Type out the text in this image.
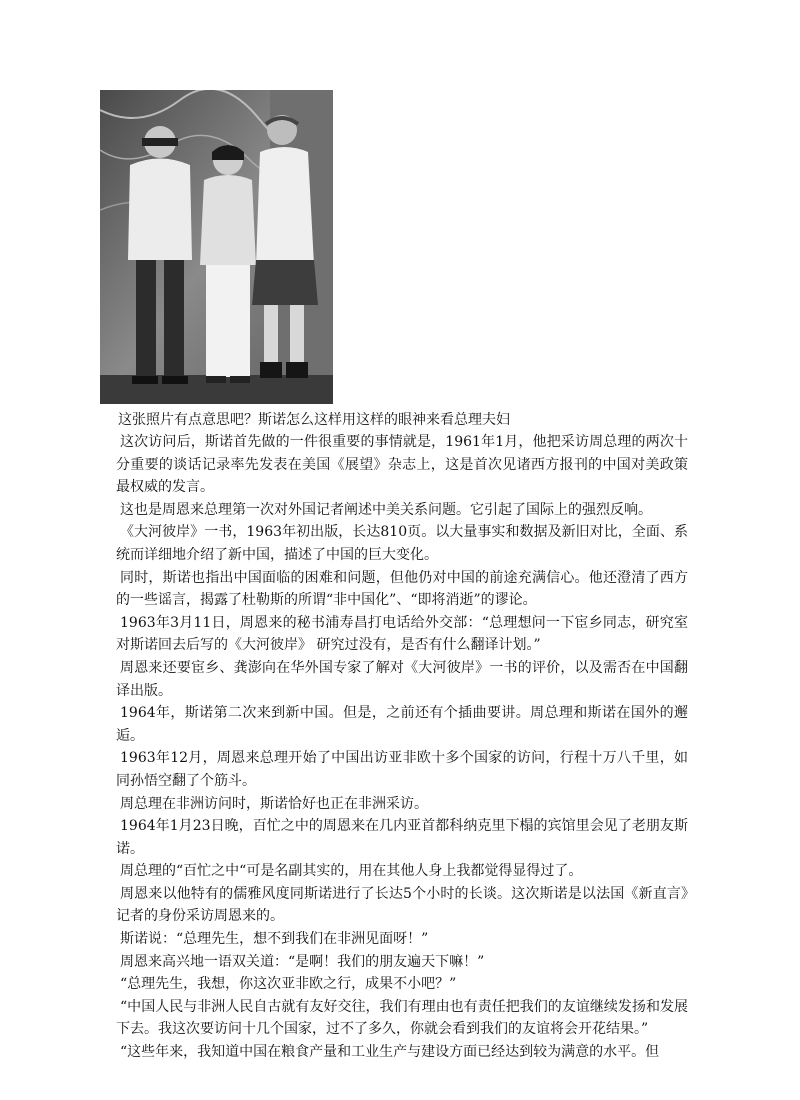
这张照片有点意思吧？斯诺怎么这样用这样的眼神来看总理夫妇

这次访问后，斯诺首先做的一件很重要的事情就是，1961年1月，他把采访周总理的两次十分重要的谈话记录率先发表在美国《展望》杂志上，这是首次见诸西方报刊的中国对美政策最权威的发言。

这也是周恩来总理第一次对外国记者阐述中美关系问题。它引起了国际上的强烈反响。

《大河彼岸》一书，1963年初出版，长达810页。以大量事实和数据及新旧对比，全面、系统而详细地介绍了新中国，描述了中国的巨大变化。

同时，斯诺也指出中国面临的困难和问题，但他仍对中国的前途充满信心。他还澄清了西方的一些谣言，揭露了杜勒斯的所谓“非中国化”、“即将消逝”的谬论。

1963年3月11日，周恩来的秘书浦寿昌打电话给外交部：“总理想问一下宦乡同志，研究室对斯诺回去后写的《大河彼岸》 研究过没有，是否有什么翻译计划。”

周恩来还要宦乡、龚澎向在华外国专家了解对《大河彼岸》一书的评价，以及需否在中国翻译出版。

1964年，斯诺第二次来到新中国。但是，之前还有个插曲要讲。周总理和斯诺在国外的邂逅。

1963年12月，周恩来总理开始了中国出访亚非欧十多个国家的访问，行程十万八千里，如同孙悟空翻了个筋斗。

周总理在非洲访问时，斯诺恰好也正在非洲采访。

1964年1月23日晚，百忙之中的周恩来在几内亚首都科纳克里下榻的宾馆里会见了老朋友斯诺。

周总理的“百忙之中“可是名副其实的，用在其他人身上我都觉得显得过了。

周恩来以他特有的儒雅风度同斯诺进行了长达5个小时的长谈。这次斯诺是以法国《新直言》记者的身份采访周恩来的。

斯诺说：“总理先生，想不到我们在非洲见面呀！”

周恩来高兴地一语双关道：“是啊！我们的朋友遍天下嘛！”

“总理先生，我想，你这次亚非欧之行，成果不小吧？”

“中国人民与非洲人民自古就有友好交往，我们有理由也有责任把我们的友谊继续发扬和发展下去。我这次要访问十几个国家，过不了多久，你就会看到我们的友谊将会开花结果。”

“这些年来，我知道中国在粮食产量和工业生产与建设方面已经达到较为满意的水平。但
